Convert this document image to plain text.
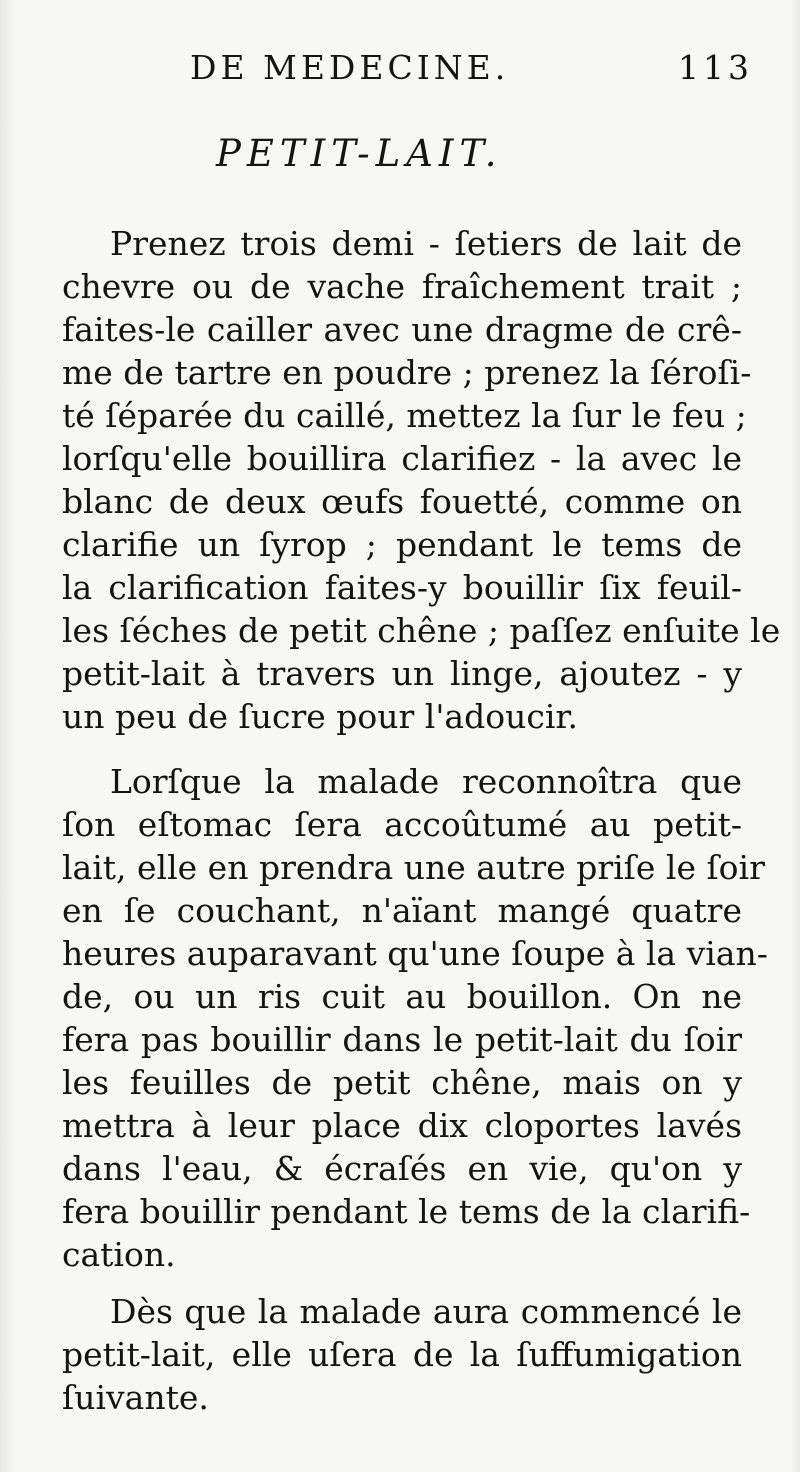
DE MEDECINE.	113
PETIT-LAIT.
Prenez trois demi - ſetiers de lait de
chevre ou de vache fraîchement trait ;
faites-le cailler avec une dragme de crê-
me de tartre en poudre ; prenez la ſéroſi-
té ſéparée du caillé, mettez la ſur le feu ;
lorſqu'elle bouillira clarifiez - la avec le
blanc de deux œufs fouetté, comme on
clarifie un ſyrop ; pendant le tems de
la clarification faites-y bouillir ſix feuil-
les ſéches de petit chêne ; paſſez enſuite le
petit-lait à travers un linge, ajoutez - y
un peu de ſucre pour l'adoucir.
Lorſque la malade reconnoîtra que
ſon eſtomac ſera accoûtumé au petit-
lait, elle en prendra une autre priſe le ſoir
en ſe couchant, n'aïant mangé quatre
heures auparavant qu'une ſoupe à la vian-
de, ou un ris cuit au bouillon. On ne
fera pas bouillir dans le petit-lait du ſoir
les feuilles de petit chêne, mais on y
mettra à leur place dix cloportes lavés
dans l'eau, & écraſés en vie, qu'on y
fera bouillir pendant le tems de la clarifi-
cation.
Dès que la malade aura commencé le
petit-lait, elle uſera de la ſuffumigation
ſuivante.
